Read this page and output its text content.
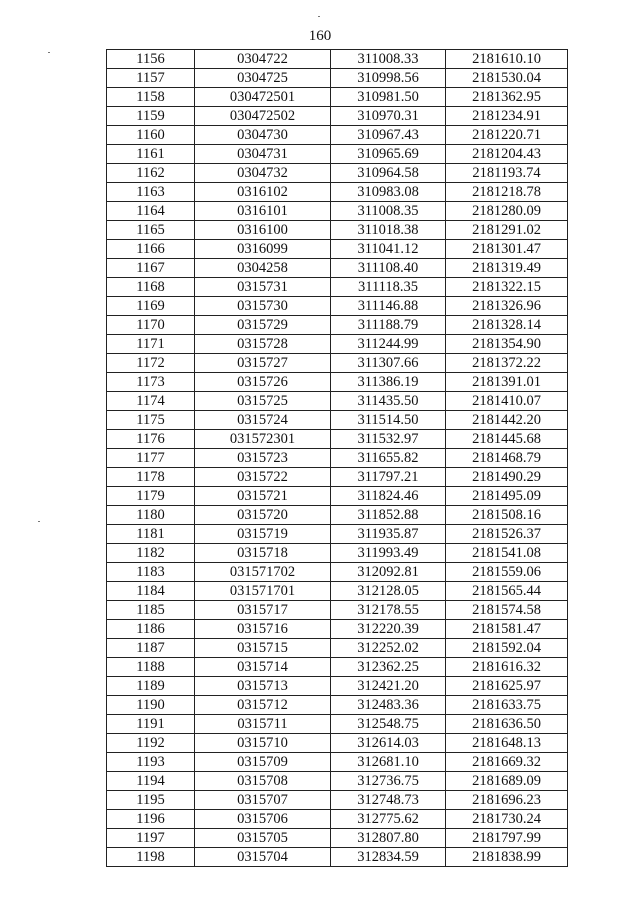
160
1156	0304722	311008.33	2181610.10
1157	0304725	310998.56	2181530.04
1158	030472501	310981.50	2181362.95
1159	030472502	310970.31	2181234.91
1160	0304730	310967.43	2181220.71
1161	0304731	310965.69	2181204.43
1162	0304732	310964.58	2181193.74
1163	0316102	310983.08	2181218.78
1164	0316101	311008.35	2181280.09
1165	0316100	311018.38	2181291.02
1166	0316099	311041.12	2181301.47
1167	0304258	311108.40	2181319.49
1168	0315731	311118.35	2181322.15
1169	0315730	311146.88	2181326.96
1170	0315729	311188.79	2181328.14
1171	0315728	311244.99	2181354.90
1172	0315727	311307.66	2181372.22
1173	0315726	311386.19	2181391.01
1174	0315725	311435.50	2181410.07
1175	0315724	311514.50	2181442.20
1176	031572301	311532.97	2181445.68
1177	0315723	311655.82	2181468.79
1178	0315722	311797.21	2181490.29
1179	0315721	311824.46	2181495.09
1180	0315720	311852.88	2181508.16
1181	0315719	311935.87	2181526.37
1182	0315718	311993.49	2181541.08
1183	031571702	312092.81	2181559.06
1184	031571701	312128.05	2181565.44
1185	0315717	312178.55	2181574.58
1186	0315716	312220.39	2181581.47
1187	0315715	312252.02	2181592.04
1188	0315714	312362.25	2181616.32
1189	0315713	312421.20	2181625.97
1190	0315712	312483.36	2181633.75
1191	0315711	312548.75	2181636.50
1192	0315710	312614.03	2181648.13
1193	0315709	312681.10	2181669.32
1194	0315708	312736.75	2181689.09
1195	0315707	312748.73	2181696.23
1196	0315706	312775.62	2181730.24
1197	0315705	312807.80	2181797.99
1198	0315704	312834.59	2181838.99
